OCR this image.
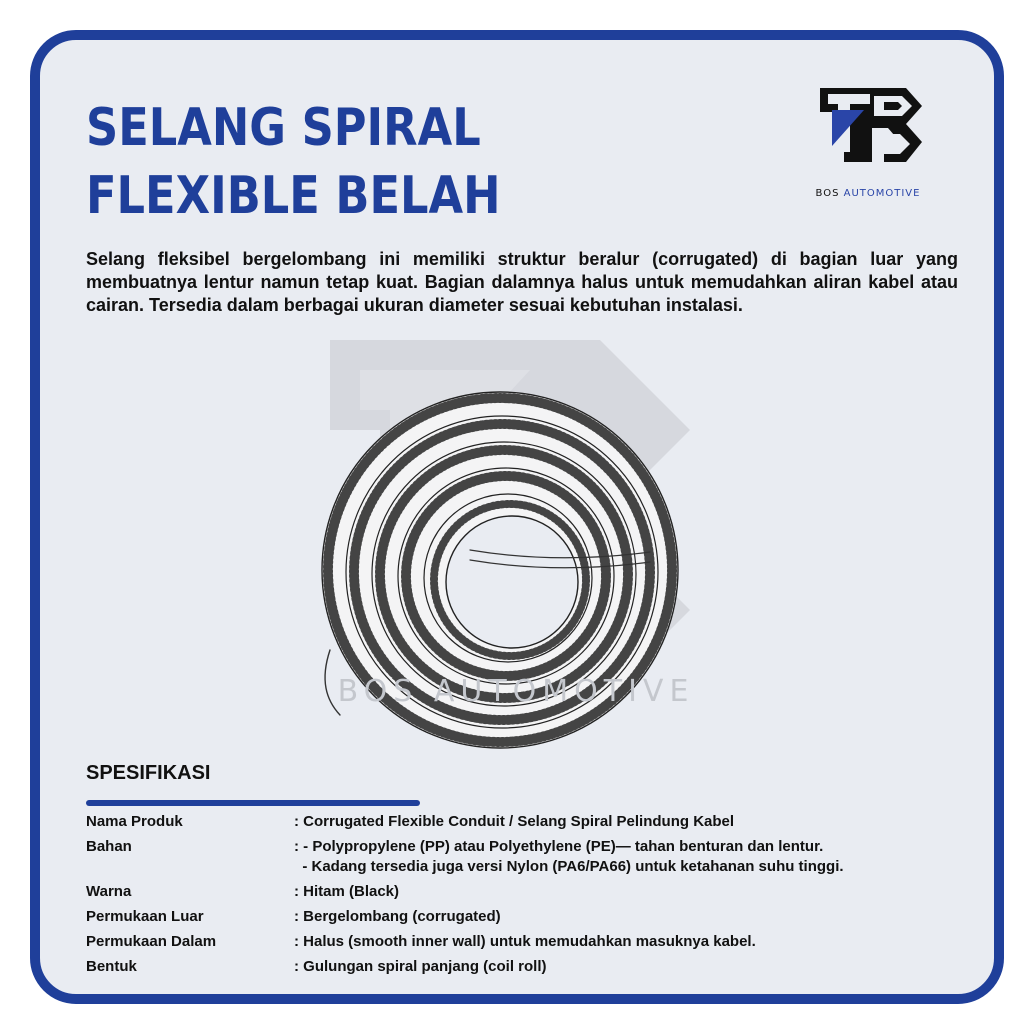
SELANG SPIRAL
FLEXIBLE BELAH	BOS AUTOMOTIVE

Selang fleksibel bergelombang ini memiliki struktur beralur (corrugated) di bagian luar yang membuatnya lentur namun tetap kuat. Bagian dalamnya halus untuk memudahkan aliran kabel atau cairan. Tersedia dalam berbagai ukuran diameter sesuai kebutuhan instalasi.

BOS AUTOMOTIVE
SPESIFIKASI
Nama Produk	: Corrugated Flexible Conduit / Selang Spiral Pelindung Kabel
Bahan	: - Polypropylene (PP) atau Polyethylene (PE)— tahan benturan dan lentur.
- Kadang tersedia juga versi Nylon (PA6/PA66) untuk ketahanan suhu tinggi.
Warna	: Hitam (Black)
Permukaan Luar	: Bergelombang (corrugated)
Permukaan Dalam	: Halus (smooth inner wall) untuk memudahkan masuknya kabel.
Bentuk	: Gulungan spiral panjang (coil roll)
